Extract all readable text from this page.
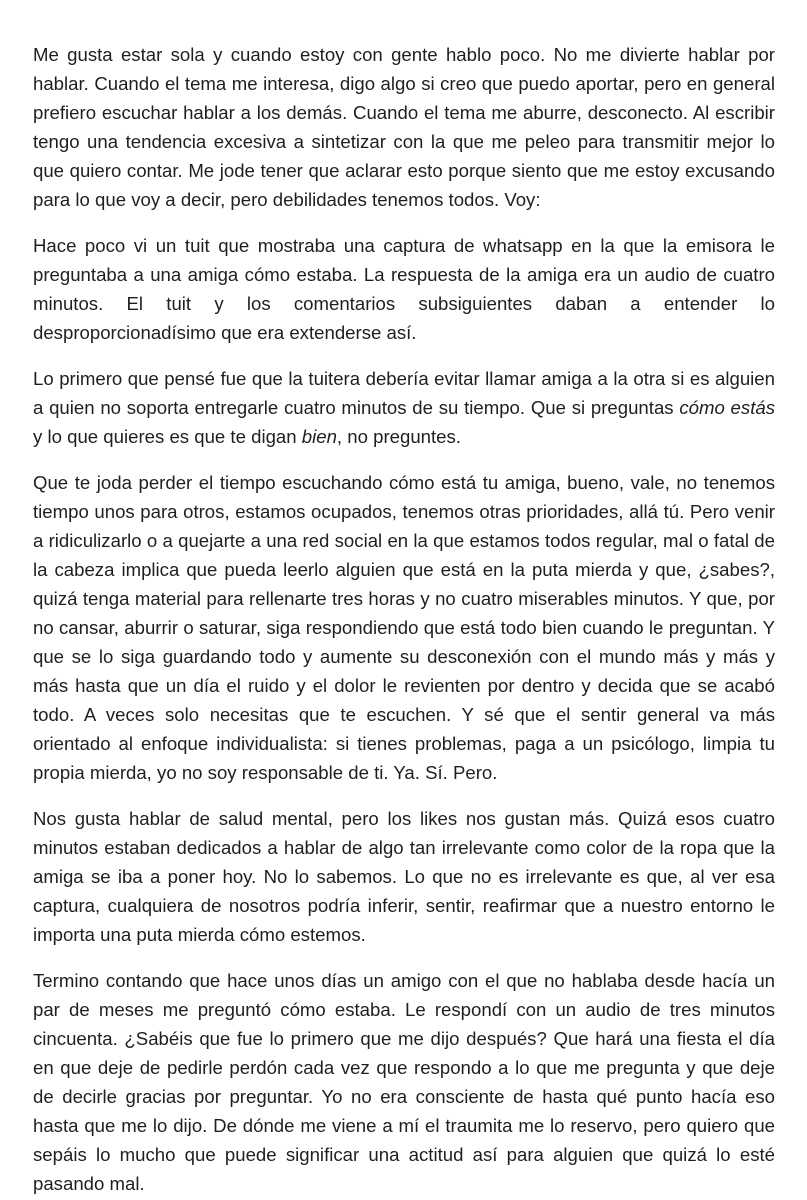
Me gusta estar sola y cuando estoy con gente hablo poco. No me divierte hablar por hablar. Cuando el tema me interesa, digo algo si creo que puedo aportar, pero en general prefiero escuchar hablar a los demás. Cuando el tema me aburre, desconecto. Al escribir tengo una tendencia excesiva a sintetizar con la que me peleo para transmitir mejor lo que quiero contar. Me jode tener que aclarar esto porque siento que me estoy excusando para lo que voy a decir, pero debilidades tenemos todos. Voy:

Hace poco vi un tuit que mostraba una captura de whatsapp en la que la emisora le preguntaba a una amiga cómo estaba. La respuesta de la amiga era un audio de cuatro minutos. El tuit y los comentarios subsiguientes daban a entender lo desproporcionadísimo que era extenderse así.

Lo primero que pensé fue que la tuitera debería evitar llamar amiga a la otra si es alguien a quien no soporta entregarle cuatro minutos de su tiempo. Que si preguntas cómo estás y lo que quieres es que te digan bien, no preguntes.

Que te joda perder el tiempo escuchando cómo está tu amiga, bueno, vale, no tenemos tiempo unos para otros, estamos ocupados, tenemos otras prioridades, allá tú. Pero venir a ridiculizarlo o a quejarte a una red social en la que estamos todos regular, mal o fatal de la cabeza implica que pueda leerlo alguien que está en la puta mierda y que, ¿sabes?, quizá tenga material para rellenarte tres horas y no cuatro miserables minutos. Y que, por no cansar, aburrir o saturar, siga respondiendo que está todo bien cuando le preguntan. Y que se lo siga guardando todo y aumente su desconexión con el mundo más y más y más hasta que un día el ruido y el dolor le revienten por dentro y decida que se acabó todo. A veces solo necesitas que te escuchen. Y sé que el sentir general va más orientado al enfoque individualista: si tienes problemas, paga a un psicólogo, limpia tu propia mierda, yo no soy responsable de ti. Ya. Sí. Pero.

Nos gusta hablar de salud mental, pero los likes nos gustan más. Quizá esos cuatro minutos estaban dedicados a hablar de algo tan irrelevante como color de la ropa que la amiga se iba a poner hoy. No lo sabemos. Lo que no es irrelevante es que, al ver esa captura, cualquiera de nosotros podría inferir, sentir, reafirmar que a nuestro entorno le importa una puta mierda cómo estemos.

Termino contando que hace unos días un amigo con el que no hablaba desde hacía un par de meses me preguntó cómo estaba. Le respondí con un audio de tres minutos cincuenta. ¿Sabéis que fue lo primero que me dijo después? Que hará una fiesta el día en que deje de pedirle perdón cada vez que respondo a lo que me pregunta y que deje de decirle gracias por preguntar. Yo no era consciente de hasta qué punto hacía eso hasta que me lo dijo. De dónde me viene a mí el traumita me lo reservo, pero quiero que sepáis lo mucho que puede significar una actitud así para alguien que quizá lo esté pasando mal.
